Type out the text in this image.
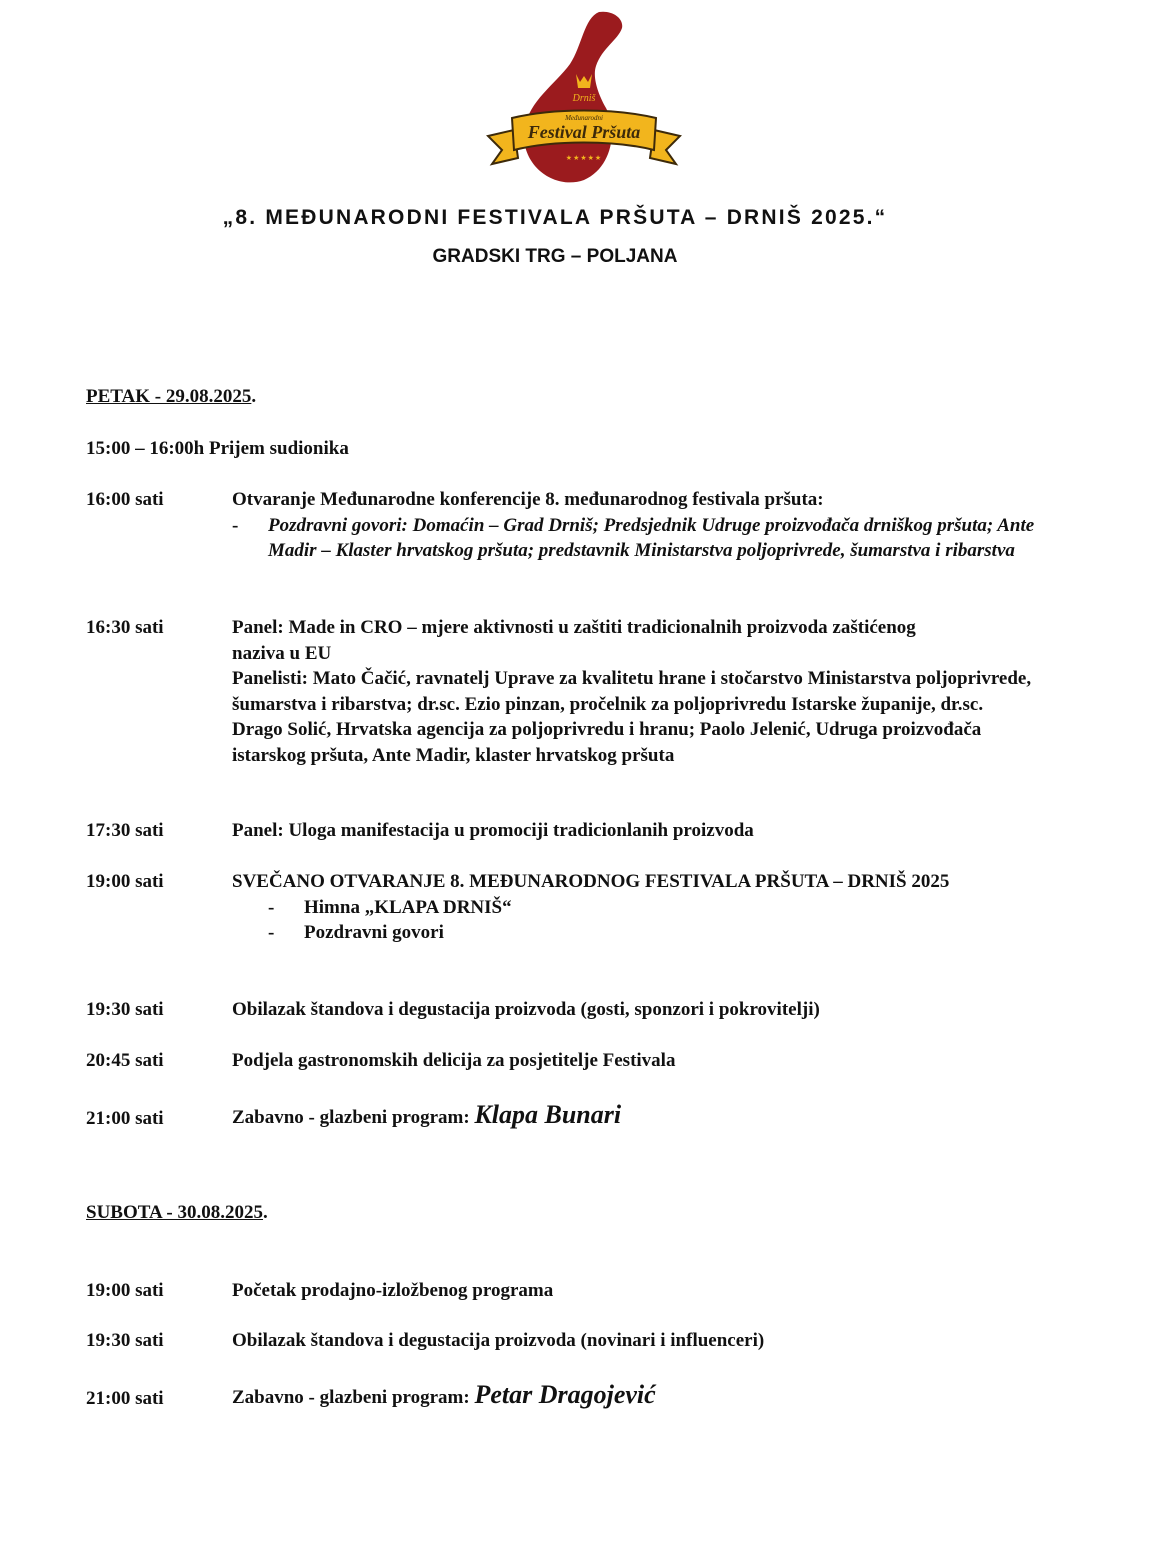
Drniš
Međunarodni
Festival Pršuta
★★★★★
„8. MEĐUNARODNI FESTIVALA PRŠUTA – DRNIŠ 2025.“
GRADSKI TRG – POLJANA
PETAK - 29.08.2025.
15:00 – 16:00h Prijem sudionika
16:00 sati	Otvaranje Međunarodne konferencije 8. međunarodnog festivala pršuta:
-	Pozdravni govori: Domaćin – Grad Drniš; Predsjednik Udruge proizvođača drniškog pršuta; Ante Madir – Klaster hrvatskog pršuta; predstavnik Ministarstva poljoprivrede, šumarstva i ribarstva
16:30 sati	Panel: Made in CRO – mjere aktivnosti u zaštiti tradicionalnih proizvoda zaštićenog naziva u EU
Panelisti: Mato Čačić, ravnatelj Uprave za kvalitetu hrane i stočarstvo Ministarstva poljoprivrede, šumarstva i ribarstva; dr.sc. Ezio pinzan, pročelnik za poljoprivredu Istarske županije, dr.sc. Drago Solić, Hrvatska agencija za poljoprivredu i hranu; Paolo Jelenić, Udruga proizvođača istarskog pršuta, Ante Madir, klaster hrvatskog pršuta
17:30 sati	Panel: Uloga manifestacija u promociji tradicionlanih proizvoda
19:00 sati	SVEČANO OTVARANJE 8. MEĐUNARODNOG FESTIVALA PRŠUTA – DRNIŠ 2025
-	Himna „KLAPA DRNIŠ“
-	Pozdravni govori
19:30 sati	Obilazak štandova i degustacija proizvoda (gosti, sponzori i pokrovitelji)
20:45 sati	Podjela gastronomskih delicija za posjetitelje Festivala
21:00 sati	Zabavno - glazbeni program: Klapa Bunari
SUBOTA - 30.08.2025.
19:00 sati	Početak prodajno-izložbenog programa
19:30 sati	Obilazak štandova i degustacija proizvoda (novinari i influenceri)
21:00 sati	Zabavno - glazbeni program: Petar Dragojević
